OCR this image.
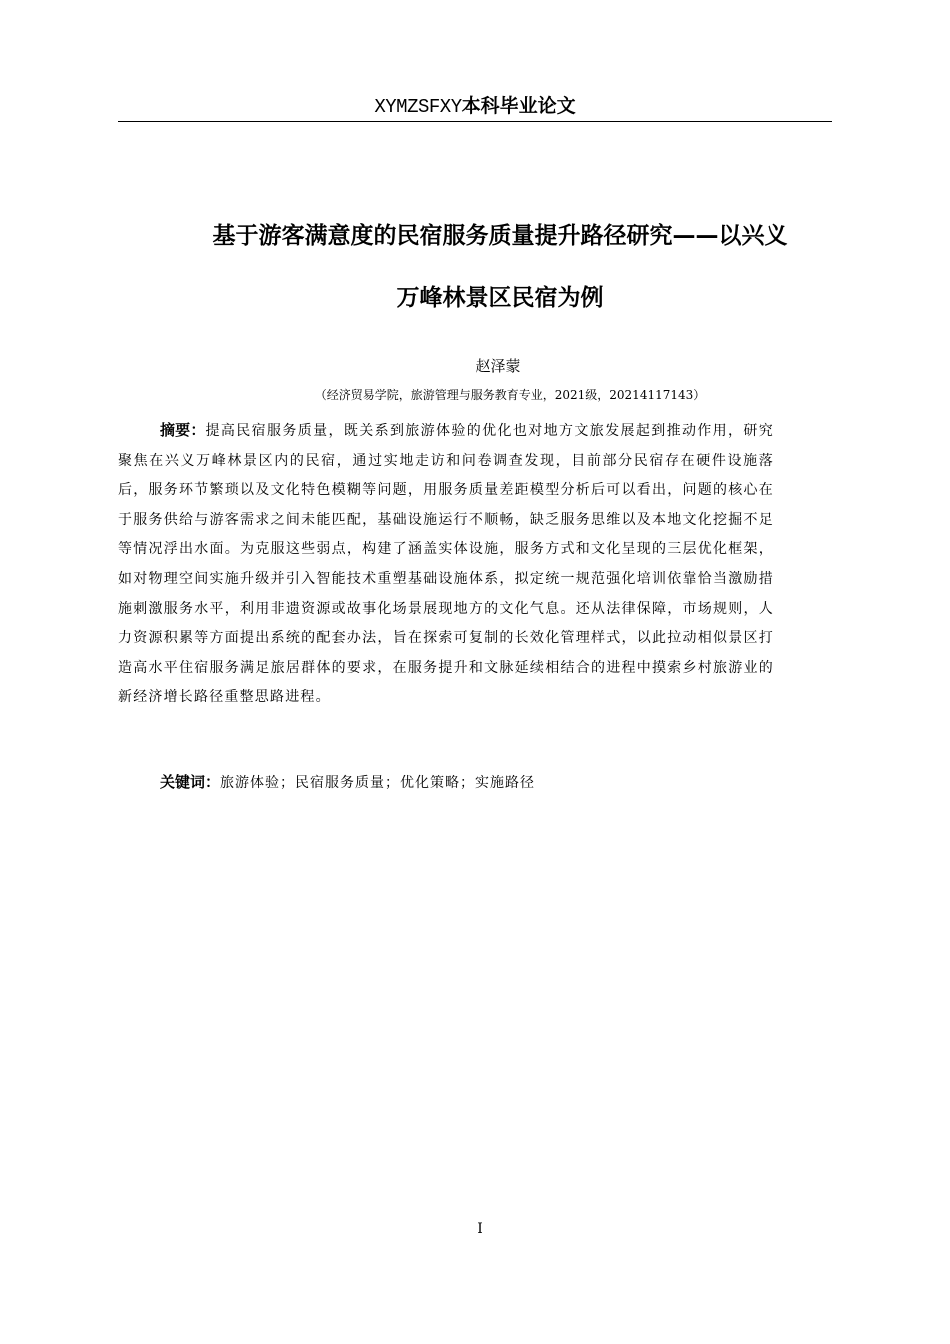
XYMZSFXY本科毕业论文
基于游客满意度的民宿服务质量提升路径研究——以兴义
万峰林景区民宿为例
赵泽蒙
（经济贸易学院，旅游管理与服务教育专业，2021级，20214117143）

摘要：提高民宿服务质量，既关系到旅游体验的优化也对地方文旅发展起到推动作用，研究聚焦在兴义万峰林景区内的民宿，通过实地走访和问卷调查发现，目前部分民宿存在硬件设施落后，服务环节繁琐以及文化特色模糊等问题，用服务质量差距模型分析后可以看出，问题的核心在于服务供给与游客需求之间未能匹配，基础设施运行不顺畅，缺乏服务思维以及本地文化挖掘不足等情况浮出水面。为克服这些弱点，构建了涵盖实体设施，服务方式和文化呈现的三层优化框架，如对物理空间实施升级并引入智能技术重塑基础设施体系，拟定统一规范强化培训依靠恰当激励措施刺激服务水平，利用非遗资源或故事化场景展现地方的文化气息。还从法律保障，市场规则，人力资源积累等方面提出系统的配套办法，旨在探索可复制的长效化管理样式，以此拉动相似景区打造高水平住宿服务满足旅居群体的要求，在服务提升和文脉延续相结合的进程中摸索乡村旅游业的新经济增长路径重整思路进程。

关键词：旅游体验；民宿服务质量；优化策略；实施路径

I
